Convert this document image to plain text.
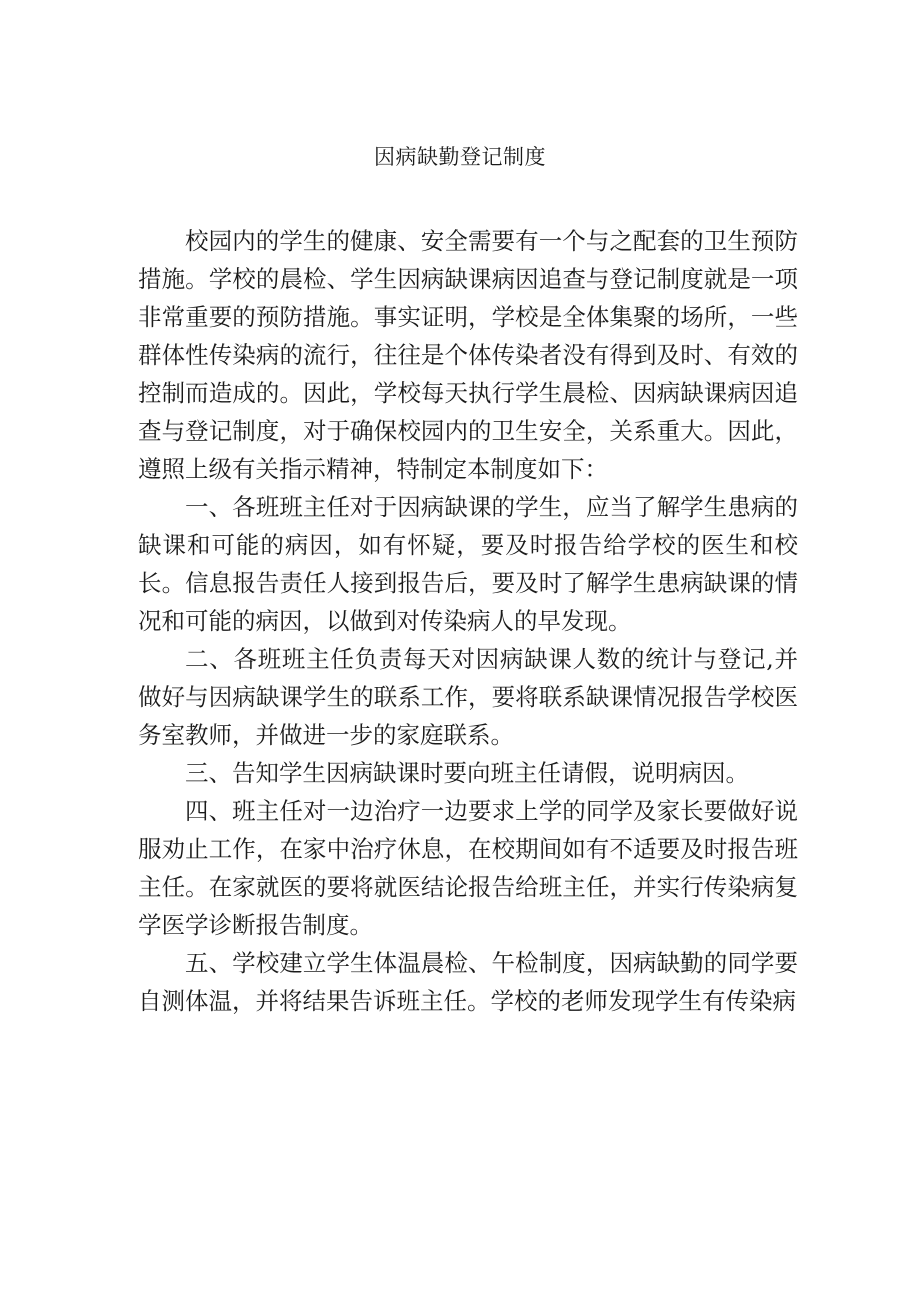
因病缺勤登记制度

校园内的学生的健康、安全需要有一个与之配套的卫生预防措施。学校的晨检、学生因病缺课病因追查与登记制度就是一项非常重要的预防措施。事实证明，学校是全体集聚的场所，一些群体性传染病的流行，往往是个体传染者没有得到及时、有效的控制而造成的。因此，学校每天执行学生晨检、因病缺课病因追查与登记制度，对于确保校园内的卫生安全，关系重大。因此，遵照上级有关指示精神，特制定本制度如下：

一、各班班主任对于因病缺课的学生，应当了解学生患病的缺课和可能的病因，如有怀疑，要及时报告给学校的医生和校长。信息报告责任人接到报告后，要及时了解学生患病缺课的情况和可能的病因，以做到对传染病人的早发现。

二、各班班主任负责每天对因病缺课人数的统计与登记,并做好与因病缺课学生的联系工作，要将联系缺课情况报告学校医务室教师，并做进一步的家庭联系。

三、告知学生因病缺课时要向班主任请假，说明病因。

四、班主任对一边治疗一边要求上学的同学及家长要做好说服劝止工作，在家中治疗休息，在校期间如有不适要及时报告班主任。在家就医的要将就医结论报告给班主任，并实行传染病复学医学诊断报告制度。

五、学校建立学生体温晨检、午检制度，因病缺勤的同学要自测体温，并将结果告诉班主任。学校的老师发现学生有传染病
